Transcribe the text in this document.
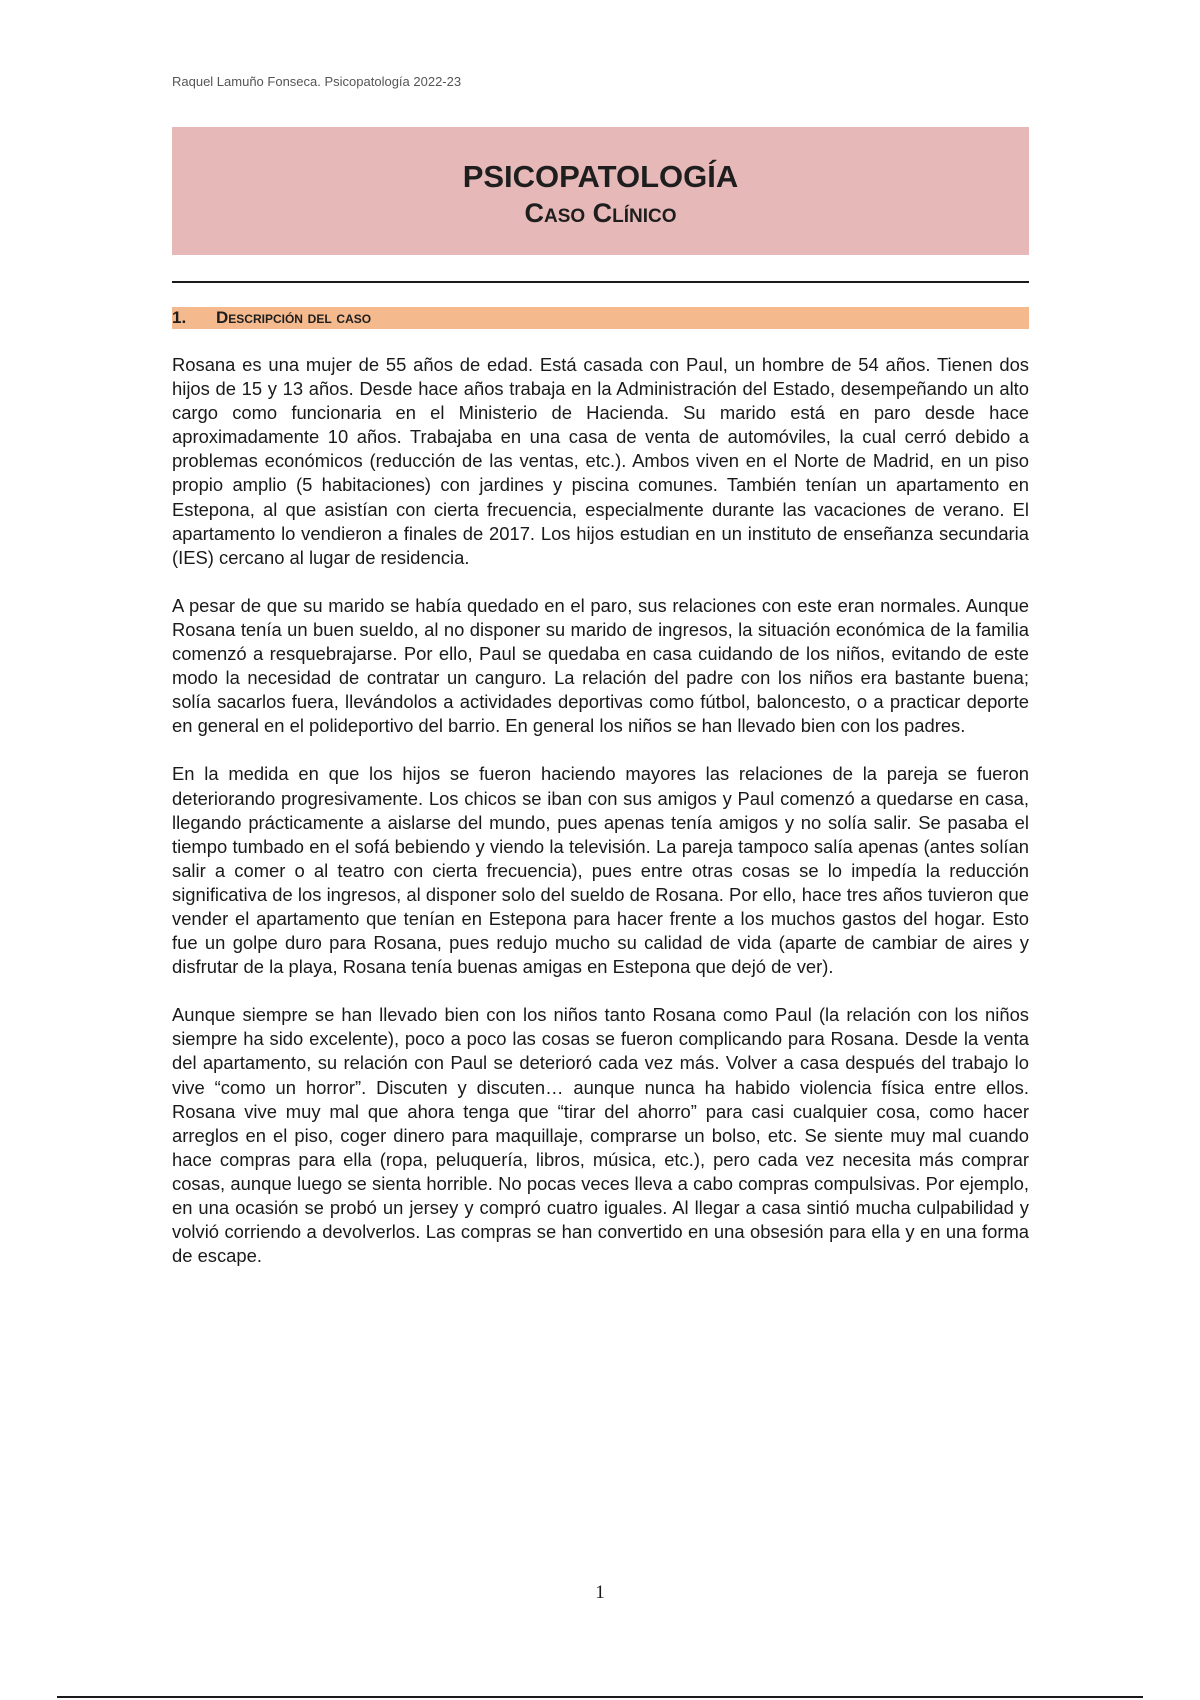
Raquel Lamuño Fonseca. Psicopatología 2022-23
PSICOPATOLOGÍA
Caso Clínico
1. Descripción del caso

Rosana es una mujer de 55 años de edad. Está casada con Paul, un hombre de 54 años. Tienen dos hijos de 15 y 13 años. Desde hace años trabaja en la Administración del Estado, desempeñando un alto cargo como funcionaria en el Ministerio de Hacienda. Su marido está en paro desde hace aproximadamente 10 años. Trabajaba en una casa de venta de automóviles, la cual cerró debido a problemas económicos (reducción de las ventas, etc.). Ambos viven en el Norte de Madrid, en un piso propio amplio (5 habitaciones) con jardines y piscina comunes. También tenían un apartamento en Estepona, al que asistían con cierta frecuencia, especialmente durante las vacaciones de verano. El apartamento lo vendieron a finales de 2017. Los hijos estudian en un instituto de enseñanza secundaria (IES) cercano al lugar de residencia.

A pesar de que su marido se había quedado en el paro, sus relaciones con este eran normales. Aunque Rosana tenía un buen sueldo, al no disponer su marido de ingresos, la situación económica de la familia comenzó a resquebrajarse. Por ello, Paul se quedaba en casa cuidando de los niños, evitando de este modo la necesidad de contratar un canguro. La relación del padre con los niños era bastante buena; solía sacarlos fuera, llevándolos a actividades deportivas como fútbol, baloncesto, o a practicar deporte en general en el polideportivo del barrio. En general los niños se han llevado bien con los padres.

En la medida en que los hijos se fueron haciendo mayores las relaciones de la pareja se fueron deteriorando progresivamente. Los chicos se iban con sus amigos y Paul comenzó a quedarse en casa, llegando prácticamente a aislarse del mundo, pues apenas tenía amigos y no solía salir. Se pasaba el tiempo tumbado en el sofá bebiendo y viendo la televisión. La pareja tampoco salía apenas (antes solían salir a comer o al teatro con cierta frecuencia), pues entre otras cosas se lo impedía la reducción significativa de los ingresos, al disponer solo del sueldo de Rosana. Por ello, hace tres años tuvieron que vender el apartamento que tenían en Estepona para hacer frente a los muchos gastos del hogar. Esto fue un golpe duro para Rosana, pues redujo mucho su calidad de vida (aparte de cambiar de aires y disfrutar de la playa, Rosana tenía buenas amigas en Estepona que dejó de ver).

Aunque siempre se han llevado bien con los niños tanto Rosana como Paul (la relación con los niños siempre ha sido excelente), poco a poco las cosas se fueron complicando para Rosana. Desde la venta del apartamento, su relación con Paul se deterioró cada vez más. Volver a casa después del trabajo lo vive “como un horror”. Discuten y discuten… aunque nunca ha habido violencia física entre ellos. Rosana vive muy mal que ahora tenga que “tirar del ahorro” para casi cualquier cosa, como hacer arreglos en el piso, coger dinero para maquillaje, comprarse un bolso, etc. Se siente muy mal cuando hace compras para ella (ropa, peluquería, libros, música, etc.), pero cada vez necesita más comprar cosas, aunque luego se sienta horrible. No pocas veces lleva a cabo compras compulsivas. Por ejemplo, en una ocasión se probó un jersey y compró cuatro iguales. Al llegar a casa sintió mucha culpabilidad y volvió corriendo a devolverlos. Las compras se han convertido en una obsesión para ella y en una forma de escape.

1
